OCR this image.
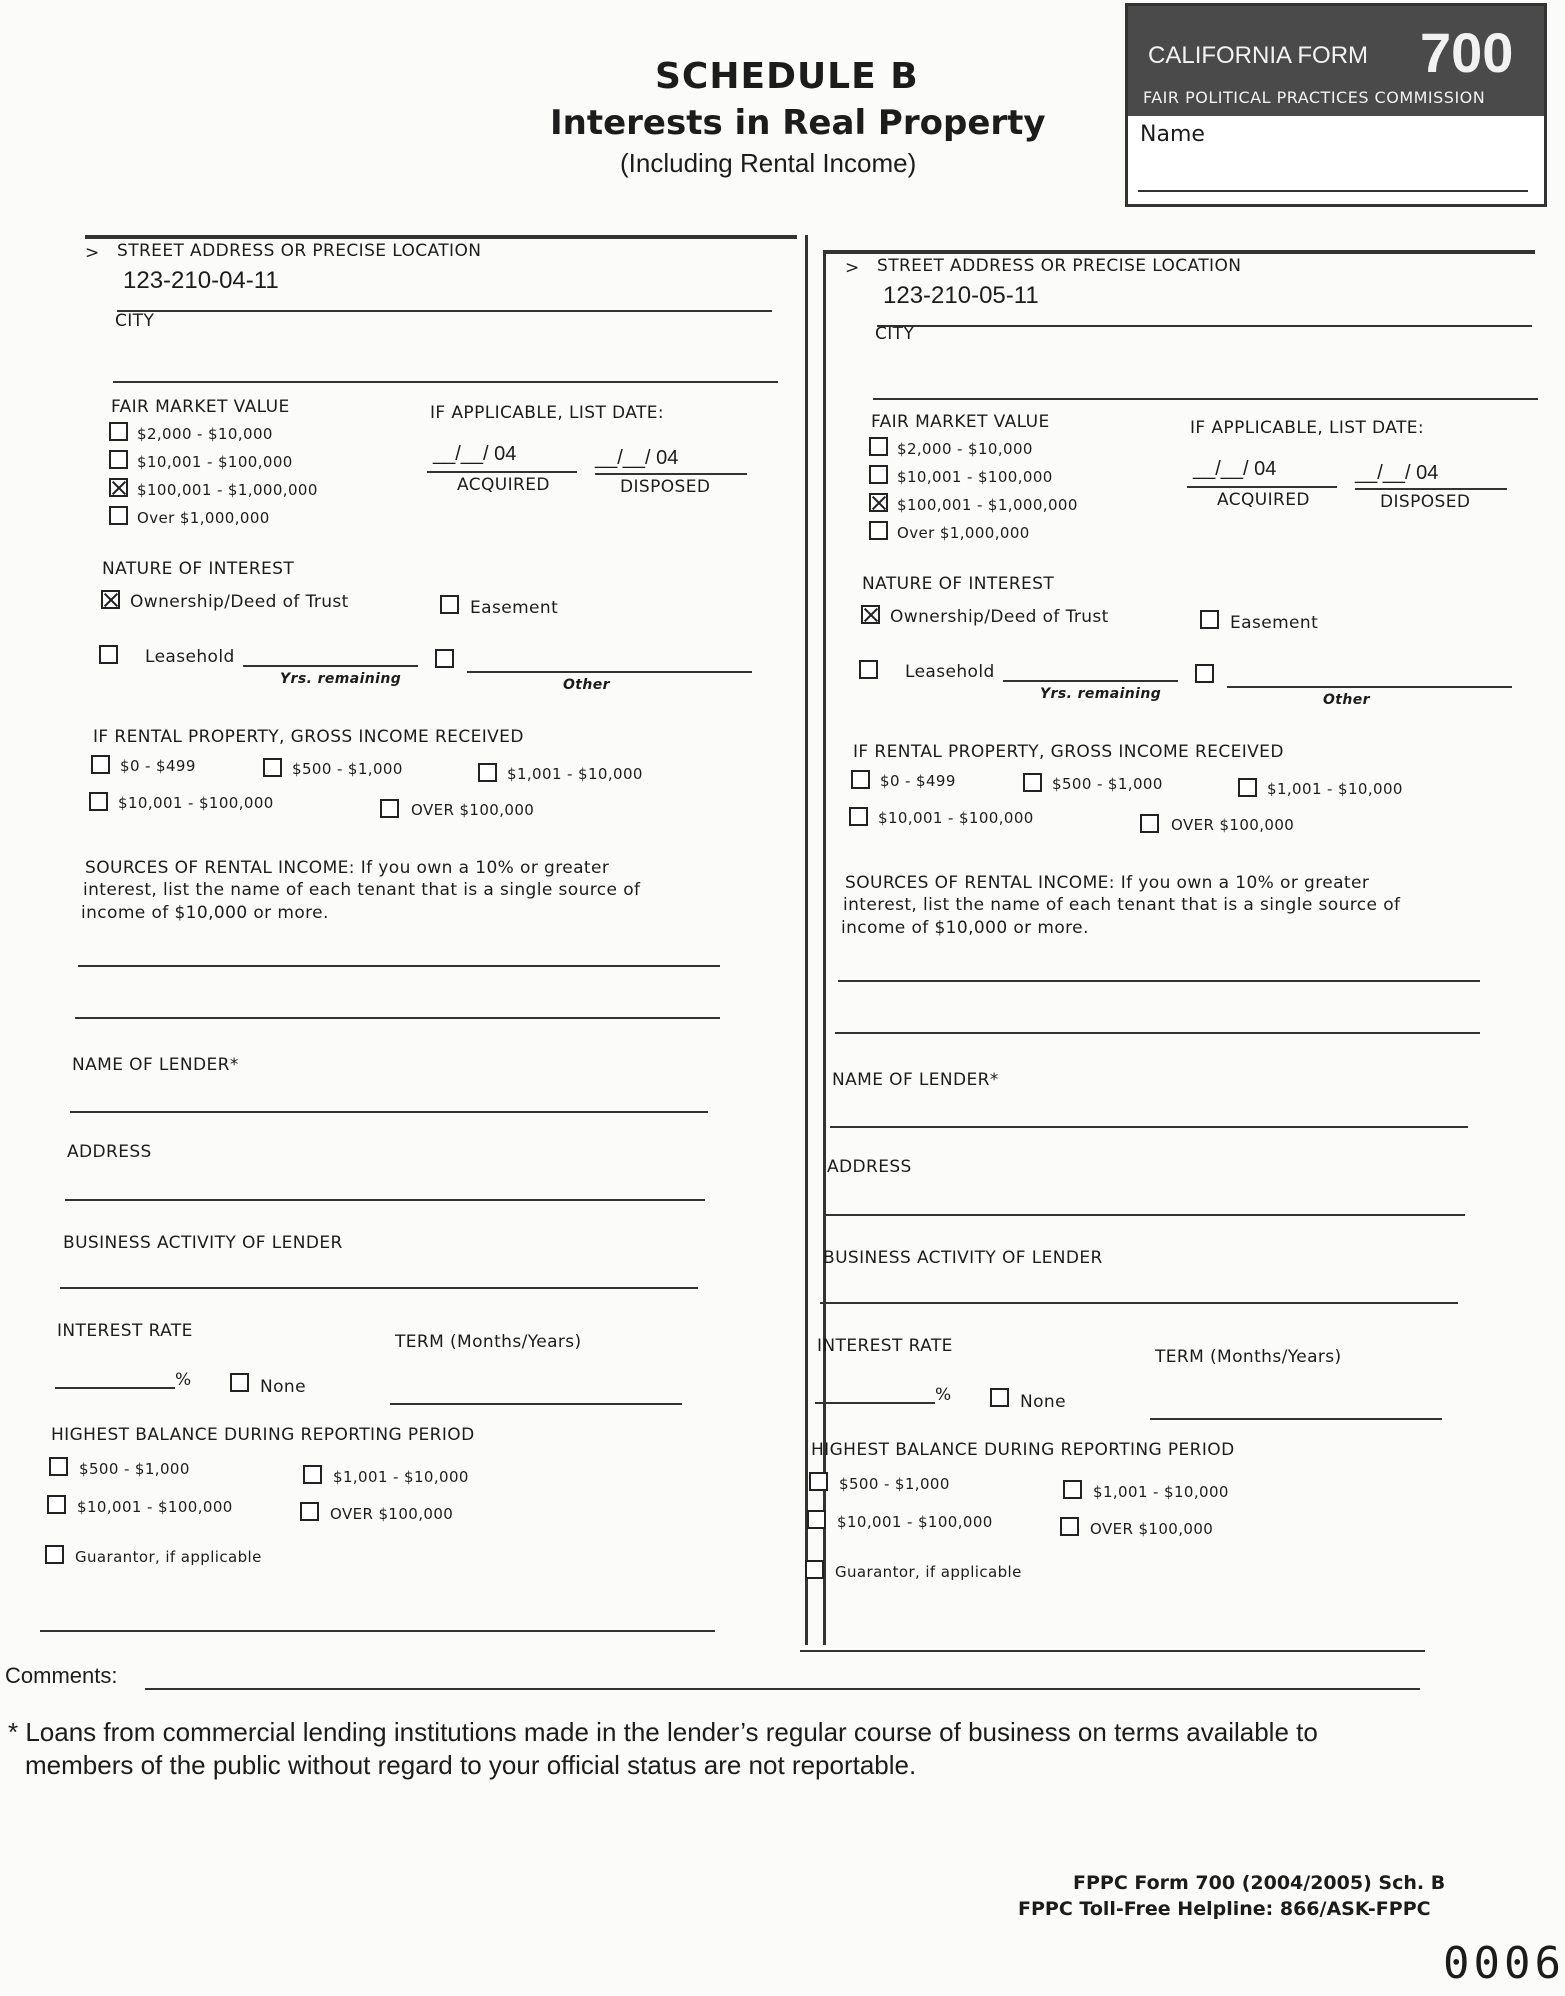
SCHEDULE B
Interests in Real Property
(Including Rental Income)
CALIFORNIA FORM 700
FAIR POLITICAL PRACTICES COMMISSION
Name
> STREET ADDRESS OR PRECISE LOCATION
123-210-04-11
CITY
FAIR MARKET VALUE	IF APPLICABLE, LIST DATE:
$2,000 - $10,000
$10,001 - $100,000
$100,001 - $1,000,000
Over $1,000,000
__/__/ 04	__/__/ 04
ACQUIRED	DISPOSED
NATURE OF INTEREST
Ownership/Deed of Trust	Easement
Leasehold
Yrs. remaining	Other
IF RENTAL PROPERTY, GROSS INCOME RECEIVED
$0 - $499	$500 - $1,000	$1,001 - $10,000
$10,001 - $100,000	OVER $100,000
SOURCES OF RENTAL INCOME: If you own a 10% or greater
interest, list the name of each tenant that is a single source of
income of $10,000 or more.
NAME OF LENDER*
ADDRESS
BUSINESS ACTIVITY OF LENDER
INTEREST RATE
TERM (Months/Years)
%	None
HIGHEST BALANCE DURING REPORTING PERIOD
$500 - $1,000	$1,001 - $10,000
$10,001 - $100,000	OVER $100,000
Guarantor, if applicable
> STREET ADDRESS OR PRECISE LOCATION
123-210-05-11
CITY
FAIR MARKET VALUE	IF APPLICABLE, LIST DATE:
$2,000 - $10,000
$10,001 - $100,000
$100,001 - $1,000,000
Over $1,000,000
__/__/ 04	__/__/ 04
ACQUIRED	DISPOSED
NATURE OF INTEREST
Ownership/Deed of Trust	Easement
Leasehold
Yrs. remaining	Other
IF RENTAL PROPERTY, GROSS INCOME RECEIVED
$0 - $499	$500 - $1,000	$1,001 - $10,000
$10,001 - $100,000	OVER $100,000
SOURCES OF RENTAL INCOME: If you own a 10% or greater
interest, list the name of each tenant that is a single source of
income of $10,000 or more.
NAME OF LENDER*
ADDRESS
BUSINESS ACTIVITY OF LENDER
INTEREST RATE
TERM (Months/Years)
%	None
HIGHEST BALANCE DURING REPORTING PERIOD
$500 - $1,000	$1,001 - $10,000
$10,001 - $100,000	OVER $100,000
Guarantor, if applicable
Comments:
* Loans from commercial lending institutions made in the lender’s regular course of business on terms available to
members of the public without regard to your official status are not reportable.
FPPC Form 700 (2004/2005) Sch. B
FPPC Toll-Free Helpline: 866/ASK-FPPC
0006
